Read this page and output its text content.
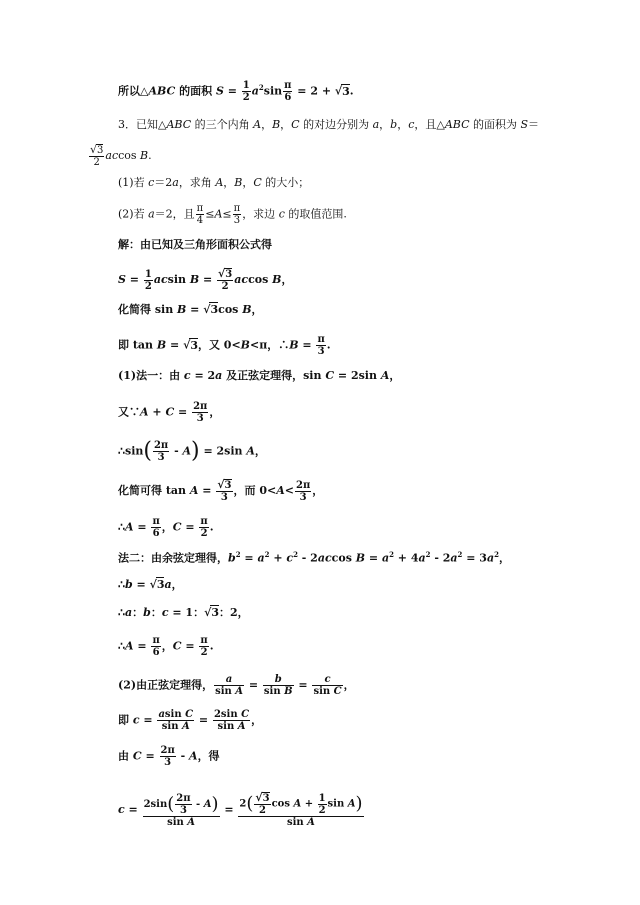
所以△ABC 的面积 $S = \frac{1}{2} a^2\sin \frac{\pi}{6} = 2 + √3$.
3．已知△ABC 的三个内角 A，B，C 的对边分别为 a，b，c，且△ABC 的面积为 S＝
$\frac{√3}{2}$ accos B.
(1)若 c＝2a，求角 A，B，C 的大小；
(2)若 a＝2，且 $\frac{\pi}{4} \le A\le \frac{\pi}{3}$ ，求边 c 的取值范围.
解：由已知及三角形面积公式得
$S = \frac{1}{2}$ acsin $B = \frac{√3}{2}$ accos B，
化简得 sin B = √3cos B，
即 tan B = √3，又 0<B<π，∴B = $\frac{\pi}{3}$ .
(1)法一：由 c = 2a 及正弦定理得，sin C = 2sin A，
又∵A + $C = \frac{2\pi}{3}$ ，
∴sin( $\frac{2\pi}{3} - A) = 2\sin$ A，
化简可得 $\tan A = \frac{√3}{3}$ ，而 $0<A< \frac{2\pi}{3}$ ，
∴A = $\frac{\pi}{6}$ ，$C = \frac{\pi}{2}$ .
法二：由余弦定理得，$b^2 = a^2 + c^2 - 2accos$ $B = a^2 + 4a^2 - 2a^2 = 3a^2$，
∴b = √3a，
∴a：b：c = 1：√3：2，
∴A = $\frac{\pi}{6}$ ，$C = \frac{\pi}{2}$ .
(2)由正弦定理得， $\frac{a}{\text{sin A}} = \frac{b}{\text{sin B}} = \frac{c}{\text{sin C}}$ ，
即 $c = \frac{\text{asin C}}{\text{sin A}} = \frac{\text{2sin C}}{\text{sin A}}$ ，
由 $C = \frac{2\pi}{3} - A$，得
$c = \frac{2\sin( \frac{2\pi}{3} - A)}{\text{sin A}} = \frac{2( \frac{√3}{2} \cos A + \frac{1}{2} \sin A)}{\text{sin A}}$
